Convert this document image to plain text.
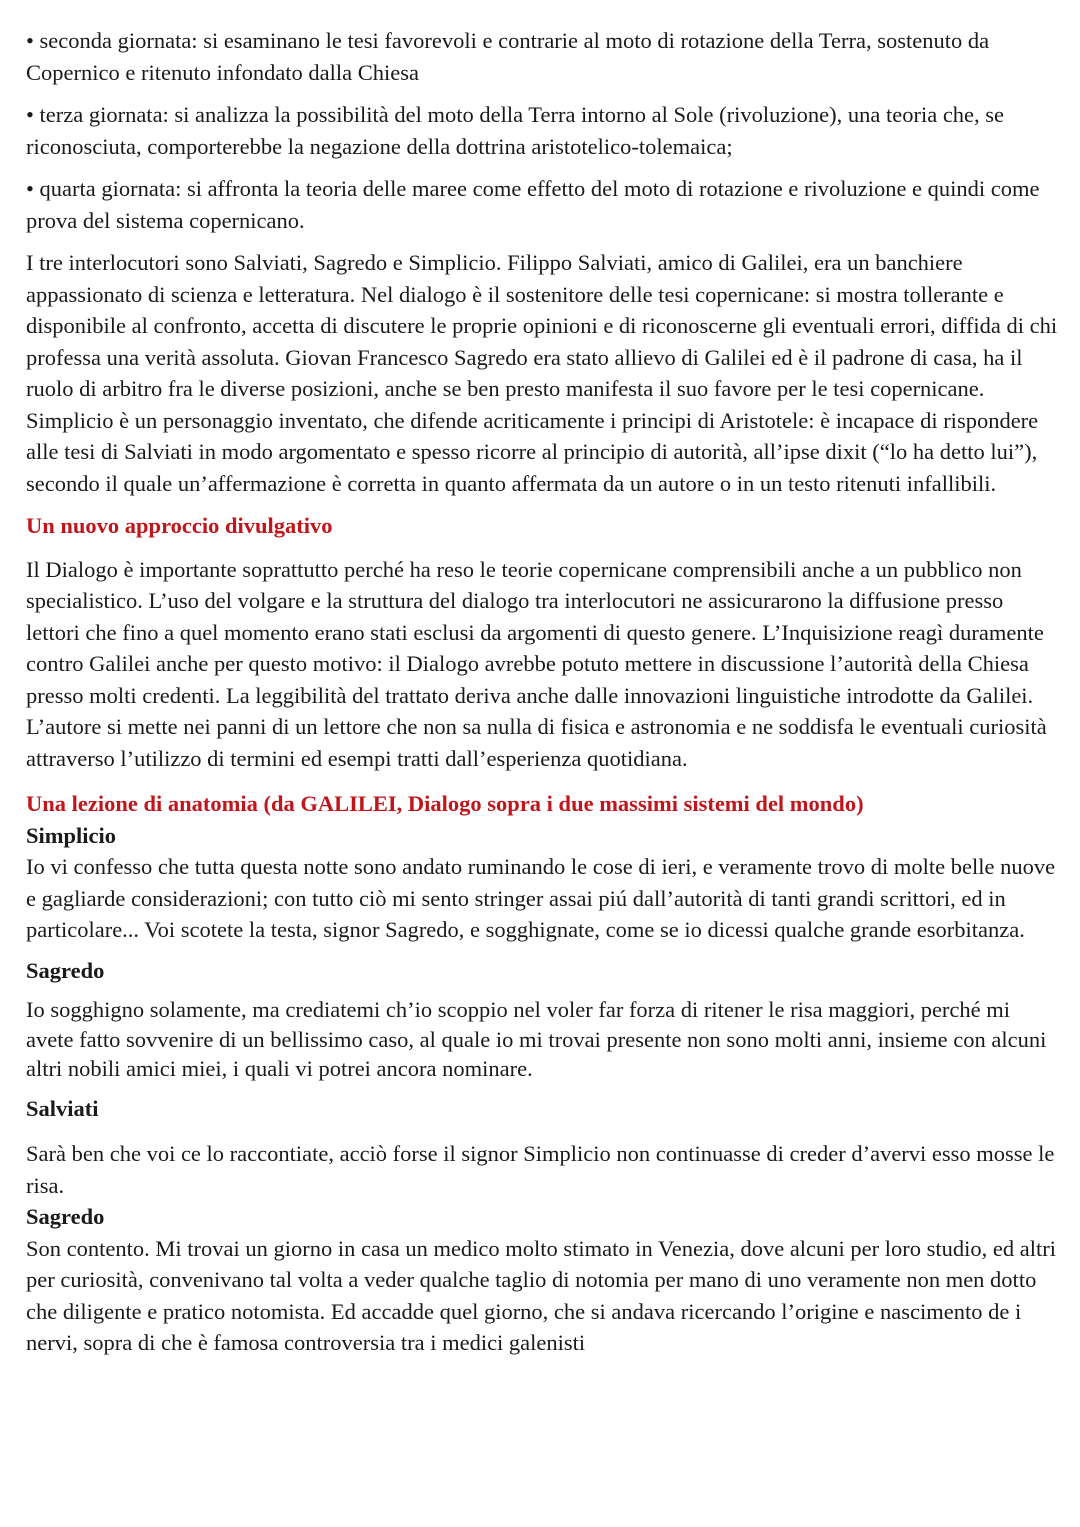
• seconda giornata: si esaminano le tesi favorevoli e contrarie al moto di rotazione della Terra, sostenuto da Copernico e ritenuto infondato dalla Chiesa

• terza giornata: si analizza la possibilità del moto della Terra intorno al Sole (rivoluzione), una teoria che, se riconosciuta, comporterebbe la negazione della dottrina aristotelico-tolemaica;

• quarta giornata: si affronta la teoria delle maree come effetto del moto di rotazione e rivoluzione e quindi come prova del sistema copernicano.

I tre interlocutori sono Salviati, Sagredo e Simplicio. Filippo Salviati, amico di Galilei, era un banchiere appassionato di scienza e letteratura. Nel dialogo è il sostenitore delle tesi copernicane: si mostra tollerante e disponibile al confronto, accetta di discutere le proprie opinioni e di riconoscerne gli eventuali errori, diffida di chi professa una verità assoluta. Giovan Francesco Sagredo era stato allievo di Galilei ed è il padrone di casa, ha il ruolo di arbitro fra le diverse posizioni, anche se ben presto manifesta il suo favore per le tesi copernicane. Simplicio è un personaggio inventato, che difende acriticamente i principi di Aristotele: è incapace di rispondere alle tesi di Salviati in modo argomentato e spesso ricorre al principio di autorità, all’ipse dixit (“lo ha detto lui”), secondo il quale un’affermazione è corretta in quanto affermata da un autore o in un testo ritenuti infallibili.

Un nuovo approccio divulgativo

Il Dialogo è importante soprattutto perché ha reso le teorie copernicane comprensibili anche a un pubblico non specialistico. L’uso del volgare e la struttura del dialogo tra interlocutori ne assicurarono la diffusione presso lettori che fino a quel momento erano stati esclusi da argomenti di questo genere. L’Inquisizione reagì duramente contro Galilei anche per questo motivo: il Dialogo avrebbe potuto mettere in discussione l’autorità della Chiesa presso molti credenti. La leggibilità del trattato deriva anche dalle innovazioni linguistiche introdotte da Galilei. L’autore si mette nei panni di un lettore che non sa nulla di fisica e astronomia e ne soddisfa le eventuali curiosità attraverso l’utilizzo di termini ed esempi tratti dall’esperienza quotidiana.

Una lezione di anatomia (da GALILEI, Dialogo sopra i due massimi sistemi del mondo)

Simplicio

Io vi confesso che tutta questa notte sono andato ruminando le cose di ieri, e veramente trovo di molte belle nuove e gagliarde considerazioni; con tutto ciò mi sento stringer assai piú dall’autorità di tanti grandi scrittori, ed in particolare... Voi scotete la testa, signor Sagredo, e sogghignate, come se io dicessi qualche grande esorbitanza.

Sagredo

Io sogghigno solamente, ma crediatemi ch’io scoppio nel voler far forza di ritener le risa maggiori, perché mi avete fatto sovvenire di un bellissimo caso, al quale io mi trovai presente non sono molti anni, insieme con alcuni altri nobili amici miei, i quali vi potrei ancora nominare.

Salviati

Sarà ben che voi ce lo raccontiate, acciò forse il signor Simplicio non continuasse di creder d’avervi esso mosse le risa.

Sagredo

Son contento. Mi trovai un giorno in casa un medico molto stimato in Venezia, dove alcuni per loro studio, ed altri per curiosità, convenivano tal volta a veder qualche taglio di notomia per mano di uno veramente non men dotto che diligente e pratico notomista. Ed accadde quel giorno, che si andava ricercando l’origine e nascimento de i nervi, sopra di che è famosa controversia tra i medici galenisti
